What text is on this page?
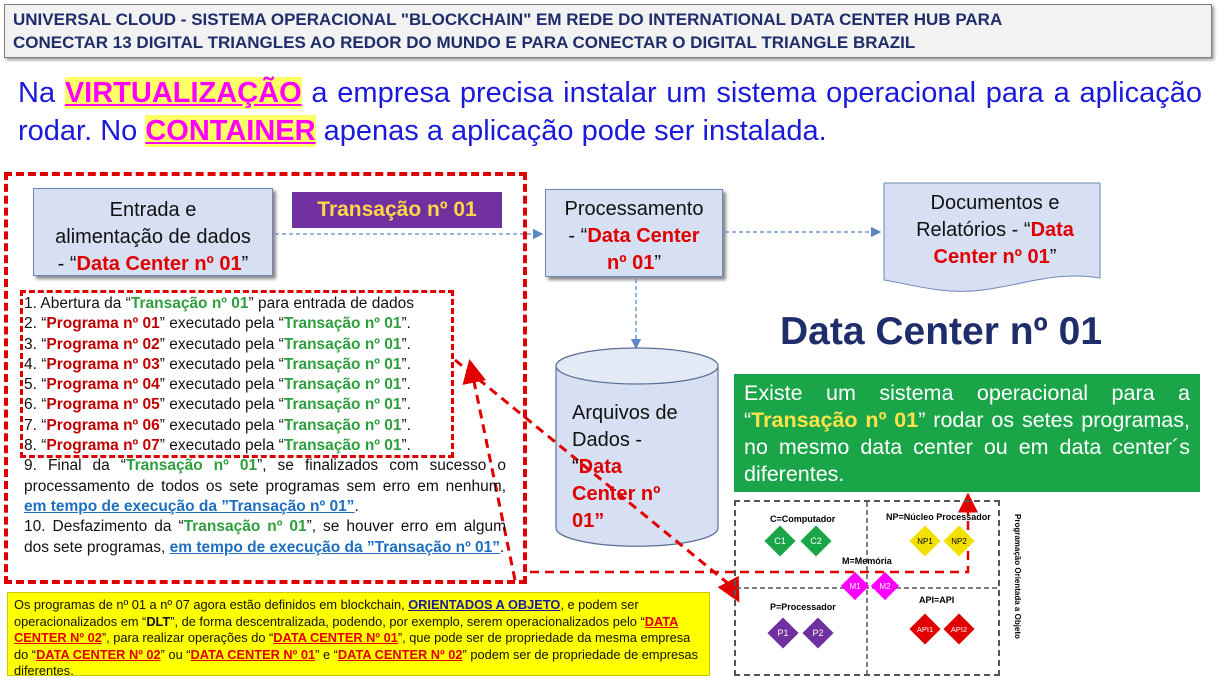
UNIVERSAL CLOUD - SISTEMA OPERACIONAL "BLOCKCHAIN" EM REDE DO INTERNATIONAL DATA CENTER HUB PARA
CONECTAR 13 DIGITAL TRIANGLES AO REDOR DO MUNDO E PARA CONECTAR O DIGITAL TRIANGLE BRAZIL
Na VIRTUALIZAÇÃO a empresa precisa instalar um sistema operacional para a aplicação rodar. No CONTAINER apenas a aplicação pode ser instalada.
Entrada e
alimentação de dados
- “Data Center nº 01”
Transação nº 01	Processamento
- “Data Center
nº 01”
Documentos e
Relatórios - “Data
Center nº 01”
Arquivos de
Dados -
“Data
Center nº
01”
1. Abertura da “Transação nº 01” para entrada de dados
2. “Programa nº 01” executado pela “Transação nº 01”.
3. “Programa nº 02” executado pela “Transação nº 01”.
4. “Programa nº 03” executado pela “Transação nº 01”.
5. “Programa nº 04” executado pela “Transação nº 01”.
6. “Programa nº 05” executado pela “Transação nº 01”.
7. “Programa nº 06” executado pela “Transação nº 01”.
8. “Programa nº 07” executado pela “Transação nº 01”.
9. Final da “Transação nº 01”, se finalizados com sucesso o processamento de todos os sete programas sem erro em nenhum, em tempo de execução da ”Transação nº 01”.
10. Desfazimento da “Transação nº 01”, se houver erro em algum dos sete programas, em tempo de execução da ”Transação nº 01”.
Data Center nº 01
Existe um sistema operacional para a “Transação nº 01” rodar os setes programas, no mesmo data center ou em data center´s diferentes.
Os programas de nº 01 a nº 07 agora estão definidos em blockchain, ORIENTADOS A OBJETO, e podem ser operacionalizados em “DLT”, de forma descentralizada, podendo, por exemplo, serem operacionalizados pelo “DATA CENTER Nº 02”, para realizar operações do “DATA CENTER Nº 01”, que pode ser de propriedade da mesma empresa do “DATA CENTER Nº 02” ou “DATA CENTER Nº 01” e “DATA CENTER Nº 02” podem ser de propriedade de empresas diferentes.
C=Computador
C1	C2
NP=Núcleo Processador
NP1 NP2
M=Memória
M1 M2
P=Processador
P1	P2
API=API
API1 API2	Programação Orientada a Objeto
